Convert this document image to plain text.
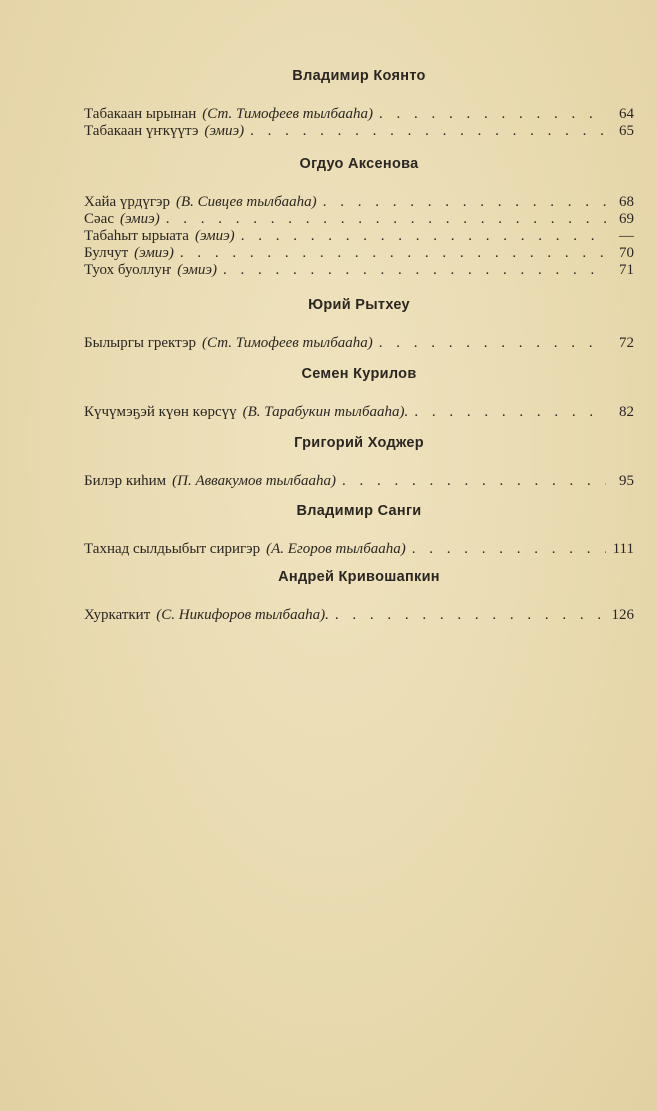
Владимир Коянто
Табакаан ырынан (Ст. Тимофеев тылбааһа) . . .	64
Табакаан үҥкүүтэ (эмиэ) . . .	65
Огдуо Аксенова
Хайа үрдүгэр (В. Сивцев тылбааһа) . . .	68
Сәас (эмиэ) . . .	69
Табаһыт ырыата (эмиэ) . . .	—
Булчут (эмиэ) . . .	70
Туох буоллуҥ (эмиэ) . . .	71
Юрий Рытхеу
Былыргы гректэр (Ст. Тимофеев тылбааһа) . . .	72
Семен Курилов
Күчүмэҕэй күөн көрсүү (В. Тарабукин тылбааһа). . . .	82
Григорий Ходжер
Билэр киһим (П. Аввакумов тылбааһа) . . .	95
Владимир Санги
Тахнад сылдьыбыт сиригэр (А. Егоров тылбааһа) . . .	111
Андрей Кривошапкин
Хуркаткит (С. Никифоров тылбааһа). . . .	126
